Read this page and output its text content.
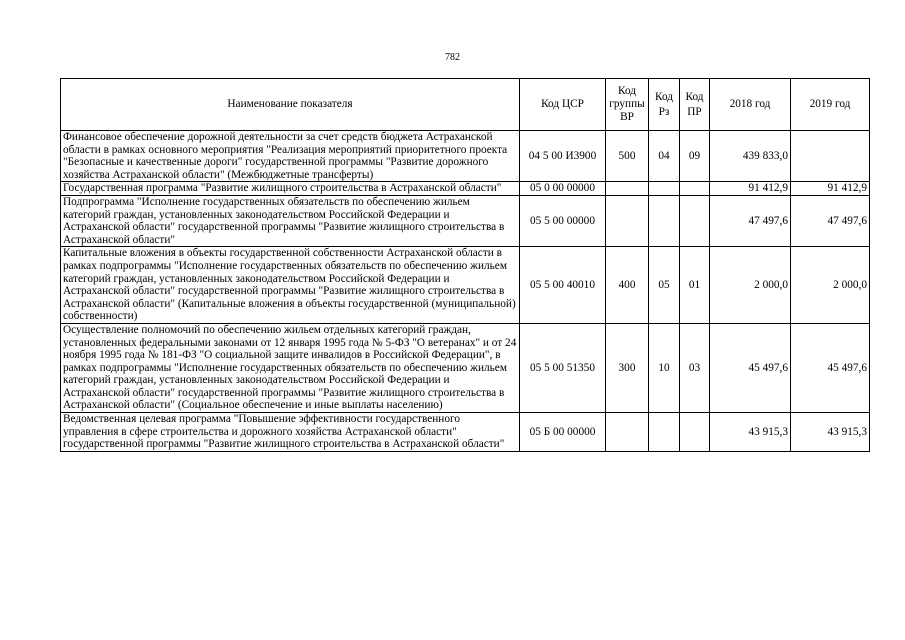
782
Наименование показателя	Код ЦСР	Код группы ВР	Код Рз	Код ПР	2018 год	2019 год
Финансовое обеспечение дорожной деятельности за счет средств бюджета Астраханской области в рамках основного мероприятия "Реализация мероприятий приоритетного проекта "Безопасные и качественные дороги" государственной программы "Развитие дорожного хозяйства Астраханской области" (Межбюджетные трансферты)	04 5 00 И3900	500	04	09	439 833,0	
Государственная программа "Развитие жилищного строительства в Астраханской области"	05 0 00 00000				91 412,9	91 412,9
Подпрограмма "Исполнение государственных обязательств по обеспечению жильем категорий граждан, установленных законодательством Российской Федерации и Астраханской области" государственной программы "Развитие жилищного строительства в Астраханской области"	05 5 00 00000				47 497,6	47 497,6
Капитальные вложения в объекты государственной собственности Астраханской области в рамках подпрограммы "Исполнение государственных обязательств по обеспечению жильем категорий граждан, установленных законодательством Российской Федерации и Астраханской области" государственной программы "Развитие жилищного строительства в Астраханской области" (Капитальные вложения в объекты государственной (муниципальной) собственности)	05 5 00 40010	400	05	01	2 000,0	2 000,0
Осуществление полномочий по обеспечению жильем отдельных категорий граждан, установленных федеральными законами от 12 января 1995 года № 5-ФЗ "О ветеранах" и от 24 ноября 1995 года № 181-ФЗ "О социальной защите инвалидов в Российской Федерации", в рамках подпрограммы "Исполнение государственных обязательств по обеспечению жильем категорий граждан, установленных законодательством Российской Федерации и Астраханской области" государственной программы "Развитие жилищного строительства в Астраханской области" (Социальное обеспечение и иные выплаты населению)	05 5 00 51350	300	10	03	45 497,6	45 497,6
Ведомственная целевая программа "Повышение эффективности государственного управления в сфере строительства и дорожного хозяйства Астраханской области" государственной программы "Развитие жилищного строительства в Астраханской области"	05 Б 00 00000				43 915,3	43 915,3
